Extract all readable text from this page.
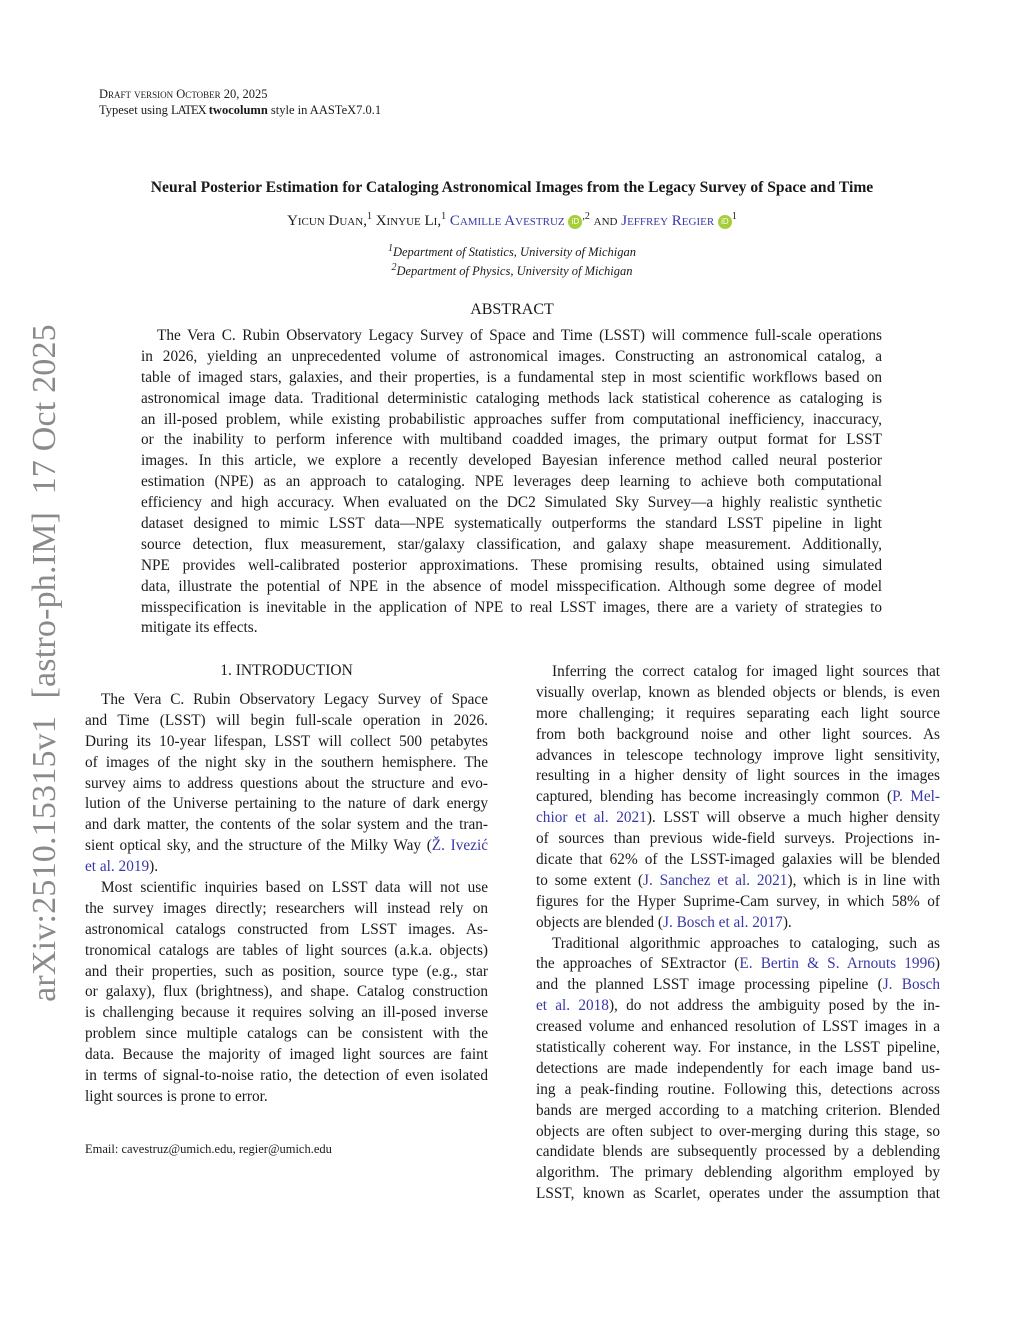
arXiv:2510.15315v1  [astro-ph.IM]  17 Oct 2025
Draft version October 20, 2025
Typeset using LATEX twocolumn style in AASTeX7.0.1
Neural Posterior Estimation for Cataloging Astronomical Images from the Legacy Survey of Space and Time
Yicun Duan,$^1$ Xinyue Li,$^1$ Camille Avestruz iD $^{,2}$ and Jeffrey Regier iD $^1$
$^1$Department of Statistics, University of Michigan
$^2$Department of Physics, University of Michigan
ABSTRACT
The Vera C. Rubin Observatory Legacy Survey of Space and Time (LSST) will commence full-scale operations
in 2026, yielding an unprecedented volume of astronomical images. Constructing an astronomical catalog, a
table of imaged stars, galaxies, and their properties, is a fundamental step in most scientific workflows based on
astronomical image data. Traditional deterministic cataloging methods lack statistical coherence as cataloging is
an ill-posed problem, while existing probabilistic approaches suffer from computational inefficiency, inaccuracy,
or the inability to perform inference with multiband coadded images, the primary output format for LSST
images. In this article, we explore a recently developed Bayesian inference method called neural posterior
estimation (NPE) as an approach to cataloging. NPE leverages deep learning to achieve both computational
efficiency and high accuracy. When evaluated on the DC2 Simulated Sky Survey—a highly realistic synthetic
dataset designed to mimic LSST data—NPE systematically outperforms the standard LSST pipeline in light
source detection, flux measurement, star/galaxy classification, and galaxy shape measurement. Additionally,
NPE provides well-calibrated posterior approximations. These promising results, obtained using simulated
data, illustrate the potential of NPE in the absence of model misspecification. Although some degree of model
misspecification is inevitable in the application of NPE to real LSST images, there are a variety of strategies to
mitigate its effects.
1. INTRODUCTION
The Vera C. Rubin Observatory Legacy Survey of Space
and Time (LSST) will begin full-scale operation in 2026.
During its 10-year lifespan, LSST will collect 500 petabytes
of images of the night sky in the southern hemisphere. The
survey aims to address questions about the structure and evo-
lution of the Universe pertaining to the nature of dark energy
and dark matter, the contents of the solar system and the tran-
sient optical sky, and the structure of the Milky Way (Ž. Ivezić
et al. 2019).
Most scientific inquiries based on LSST data will not use
the survey images directly; researchers will instead rely on
astronomical catalogs constructed from LSST images. As-
tronomical catalogs are tables of light sources (a.k.a. objects)
and their properties, such as position, source type (e.g., star
or galaxy), flux (brightness), and shape. Catalog construction
is challenging because it requires solving an ill-posed inverse
problem since multiple catalogs can be consistent with the
data. Because the majority of imaged light sources are faint
in terms of signal-to-noise ratio, the detection of even isolated
light sources is prone to error.
Inferring the correct catalog for imaged light sources that
visually overlap, known as blended objects or blends, is even
more challenging; it requires separating each light source
from both background noise and other light sources. As
advances in telescope technology improve light sensitivity,
resulting in a higher density of light sources in the images
captured, blending has become increasingly common (P. Mel-
chior et al. 2021). LSST will observe a much higher density
of sources than previous wide-field surveys. Projections in-
dicate that 62% of the LSST-imaged galaxies will be blended
to some extent (J. Sanchez et al. 2021), which is in line with
figures for the Hyper Suprime-Cam survey, in which 58% of
objects are blended (J. Bosch et al. 2017).
Traditional algorithmic approaches to cataloging, such as
the approaches of SExtractor (E. Bertin & S. Arnouts 1996)
and the planned LSST image processing pipeline (J. Bosch
et al. 2018), do not address the ambiguity posed by the in-
creased volume and enhanced resolution of LSST images in a
statistically coherent way. For instance, in the LSST pipeline,
detections are made independently for each image band us-
ing a peak-finding routine. Following this, detections across
bands are merged according to a matching criterion. Blended
objects are often subject to over-merging during this stage, so
candidate blends are subsequently processed by a deblending
algorithm. The primary deblending algorithm employed by
LSST, known as Scarlet, operates under the assumption that
Email: cavestruz@umich.edu, regier@umich.edu
